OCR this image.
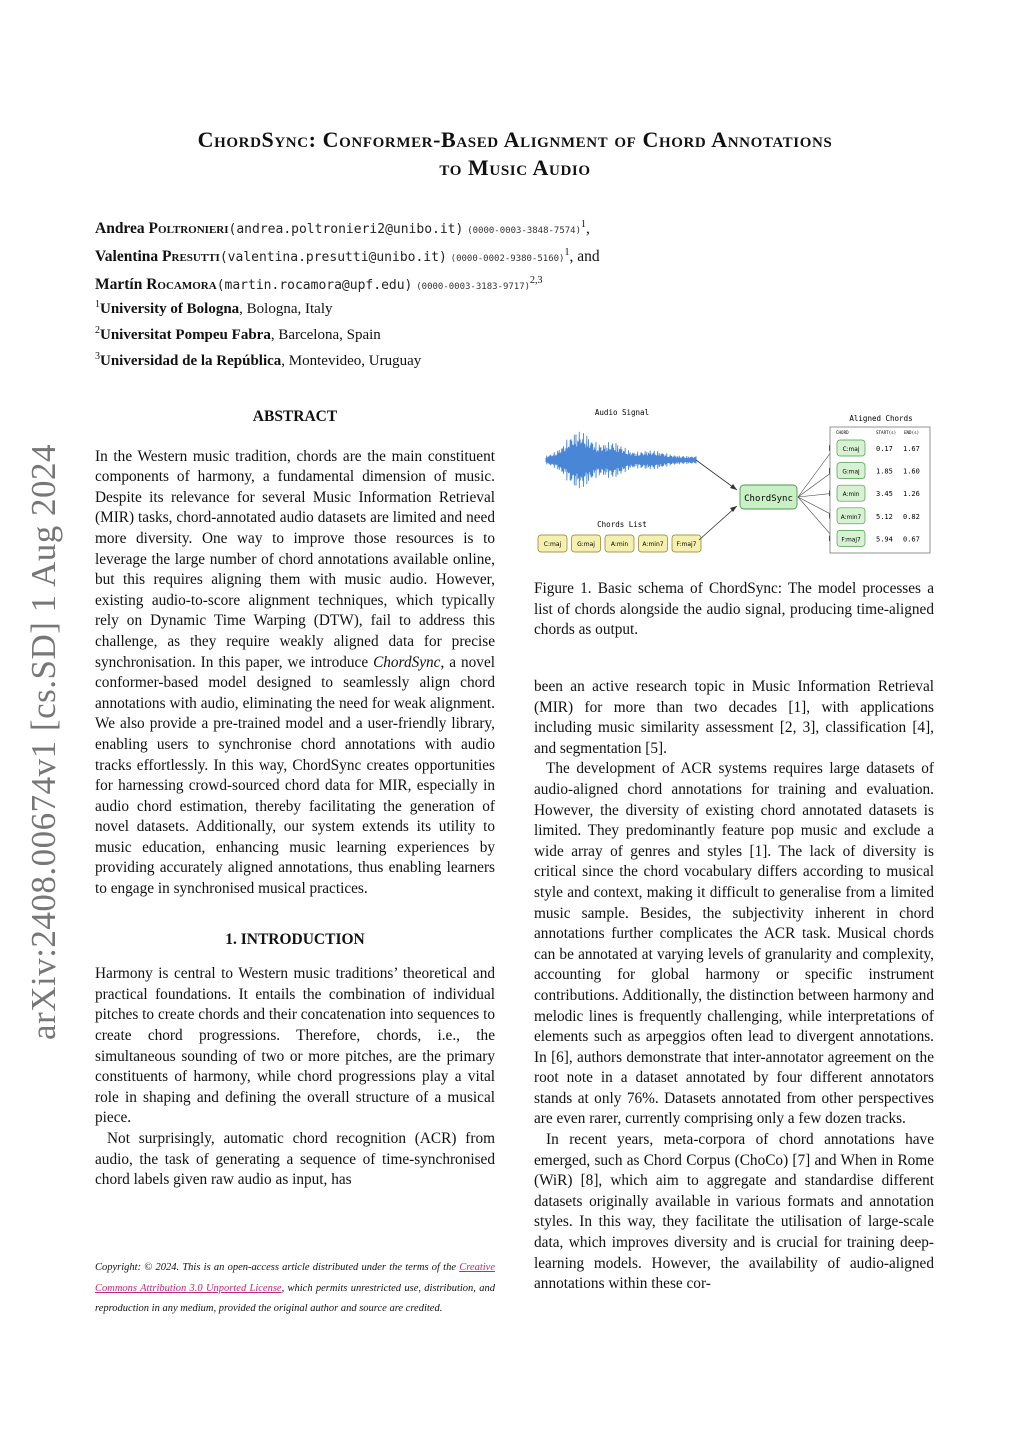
arXiv:2408.00674v1 [cs.SD] 1 Aug 2024
ChordSync: Conformer-Based Alignment of Chord Annotations
to Music Audio
Andrea Poltronieri(andrea.poltronieri2@unibo.it) $(0000-0003-3848-7574)^1$,
Valentina Presutti(valentina.presutti@unibo.it) $(0000-0002-9380-5160)^1$, and
Martín Rocamora(martin.rocamora@upf.edu) $(0000-0003-3183-9717)^{2,3}$
$^1$University of Bologna, Bologna, Italy
$^2$Universitat Pompeu Fabra, Barcelona, Spain
$^3$Universidad de la República, Montevideo, Uruguay
ABSTRACT

In the Western music tradition, chords are the main constituent components of harmony, a fundamental dimension of music. Despite its relevance for several Music Information Retrieval (MIR) tasks, chord-annotated audio datasets are limited and need more diversity. One way to improve those resources is to leverage the large number of chord annotations available online, but this requires aligning them with music audio. However, existing audio-to-score alignment techniques, which typically rely on Dynamic Time Warping (DTW), fail to address this challenge, as they require weakly aligned data for precise synchronisation. In this paper, we introduce ChordSync, a novel conformer-based model designed to seamlessly align chord annotations with audio, eliminating the need for weak alignment. We also provide a pre-trained model and a user-friendly library, enabling users to synchronise chord annotations with audio tracks effortlessly. In this way, ChordSync creates opportunities for harnessing crowd-sourced chord data for MIR, especially in audio chord estimation, thereby facilitating the generation of novel datasets. Additionally, our system extends its utility to music education, enhancing music learning experiences by providing accurately aligned annotations, thus enabling learners to engage in synchronised musical practices.

1. INTRODUCTION

Harmony is central to Western music traditions’ theoretical and practical foundations. It entails the combination of individual pitches to create chords and their concatenation into sequences to create chord progressions. Therefore, chords, i.e., the simultaneous sounding of two or more pitches, are the primary constituents of harmony, while chord progressions play a vital role in shaping and defining the overall structure of a musical piece.

Not surprisingly, automatic chord recognition (ACR) from audio, the task of generating a sequence of time-synchronised chord labels given raw audio as input, has

Copyright: © 2024. This is an open-access article distributed under the terms of the Creative Commons Attribution 3.0 Unported License, which permits unrestricted use, distribution, and reproduction in any medium, provided the original author and source are credited.
Audio Signal
Chords List
C:maj	G:maj	A:min A:min7 F:maj7
ChordSync
Aligned Chords
CHORD	START(s) END(s)
C:maj 0.17 1.67
G:maj 1.85 1.60
A:min 3.45 1.26
A:min7 5.12 0.82
F:maj7 5.94 0.67
Figure 1. Basic schema of ChordSync: The model processes a list of chords alongside the audio signal, producing time-aligned chords as output.

been an active research topic in Music Information Retrieval (MIR) for more than two decades [1], with applications including music similarity assessment [2, 3], classification [4], and segmentation [5].

The development of ACR systems requires large datasets of audio-aligned chord annotations for training and evaluation. However, the diversity of existing chord annotated datasets is limited. They predominantly feature pop music and exclude a wide array of genres and styles [1]. The lack of diversity is critical since the chord vocabulary differs according to musical style and context, making it difficult to generalise from a limited music sample. Besides, the subjectivity inherent in chord annotations further complicates the ACR task. Musical chords can be annotated at varying levels of granularity and complexity, accounting for global harmony or specific instrument contributions. Additionally, the distinction between harmony and melodic lines is frequently challenging, while interpretations of elements such as arpeggios often lead to divergent annotations. In [6], authors demonstrate that inter-annotator agreement on the root note in a dataset annotated by four different annotators stands at only 76%. Datasets annotated from other perspectives are even rarer, currently comprising only a few dozen tracks.

In recent years, meta-corpora of chord annotations have emerged, such as Chord Corpus (ChoCo) [7] and When in Rome (WiR) [8], which aim to aggregate and standardise different datasets originally available in various formats and annotation styles. In this way, they facilitate the utilisation of large-scale data, which improves diversity and is crucial for training deep-learning models. However, the availability of audio-aligned annotations within these cor-
